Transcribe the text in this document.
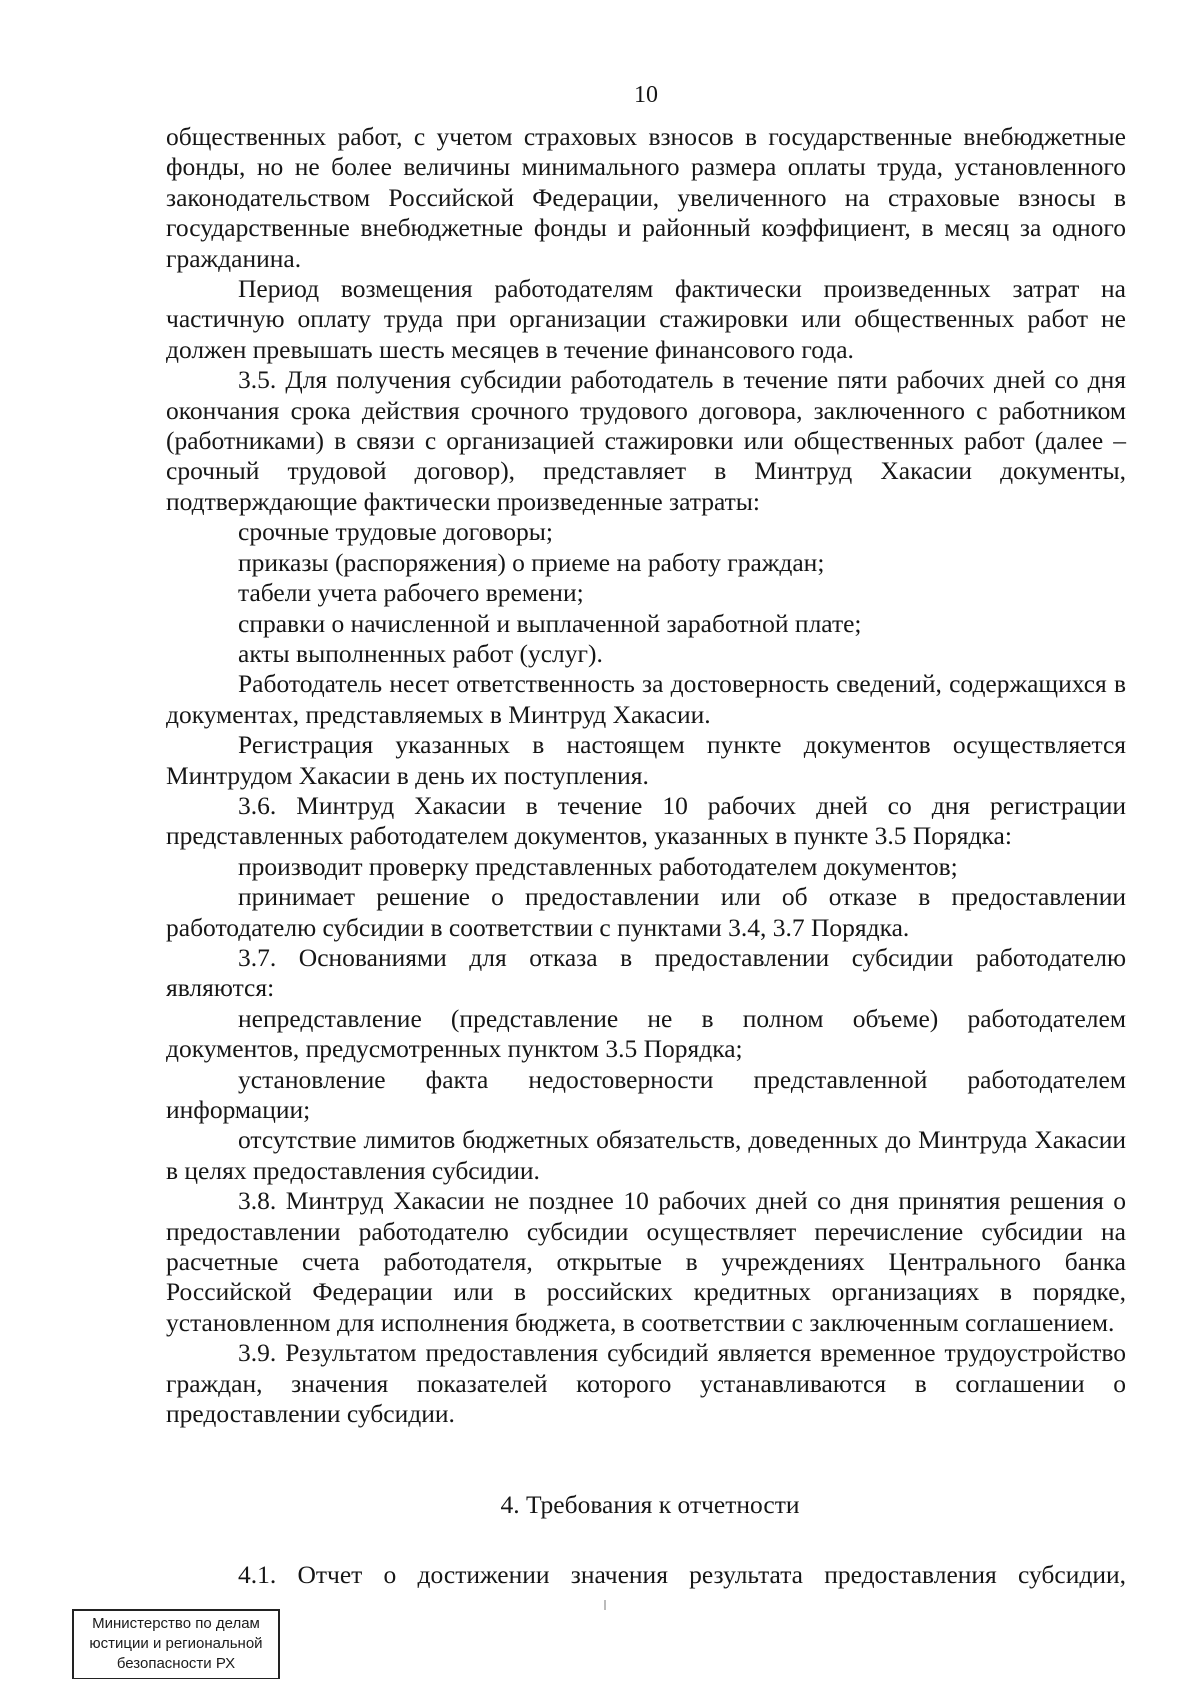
10

общественных работ, с учетом страховых взносов в государственные внебюджетные фонды, но не более величины минимального размера оплаты труда, установленного законодательством Российской Федерации, увеличенного на страховые взносы в государственные внебюджетные фонды и районный коэффициент, в месяц за одного гражданина.

Период возмещения работодателям фактически произведенных затрат на частичную оплату труда при организации стажировки или общественных работ не должен превышать шесть месяцев в течение финансового года.

3.5. Для получения субсидии работодатель в течение пяти рабочих дней со дня окончания срока действия срочного трудового договора, заключенного с работником (работниками) в связи с организацией стажировки или общественных работ (далее – срочный трудовой договор), представляет в Минтруд Хакасии документы, подтверждающие фактически произведенные затраты:

срочные трудовые договоры;

приказы (распоряжения) о приеме на работу граждан;

табели учета рабочего времени;

справки о начисленной и выплаченной заработной плате;

акты выполненных работ (услуг).

Работодатель несет ответственность за достоверность сведений, содержащихся в документах, представляемых в Минтруд Хакасии.

Регистрация указанных в настоящем пункте документов осуществляется Минтрудом Хакасии в день их поступления.

3.6. Минтруд Хакасии в течение 10 рабочих дней со дня регистрации представленных работодателем документов, указанных в пункте 3.5 Порядка:

производит проверку представленных работодателем документов;

принимает решение о предоставлении или об отказе в предоставлении работодателю субсидии в соответствии с пунктами 3.4, 3.7 Порядка.

3.7. Основаниями для отказа в предоставлении субсидии работодателю являются:

непредставление (представление не в полном объеме) работодателем документов, предусмотренных пунктом 3.5 Порядка;

установление факта недостоверности представленной работодателем информации;

отсутствие лимитов бюджетных обязательств, доведенных до Минтруда Хакасии в целях предоставления субсидии.

3.8. Минтруд Хакасии не позднее 10 рабочих дней со дня принятия решения о предоставлении работодателю субсидии осуществляет перечисление субсидии на расчетные счета работодателя, открытые в учреждениях Центрального банка Российской Федерации или в российских кредитных организациях в порядке, установленном для исполнения бюджета, в соответствии с заключенным соглашением.

3.9. Результатом предоставления субсидий является временное трудоустройство граждан, значения показателей которого устанавливаются в соглашении о предоставлении субсидии.

4. Требования к отчетности
4.1. Отчет о достижении значения результата предоставления субсидии,
Министерство по делам
юстиции и региональной
безопасности РХ
